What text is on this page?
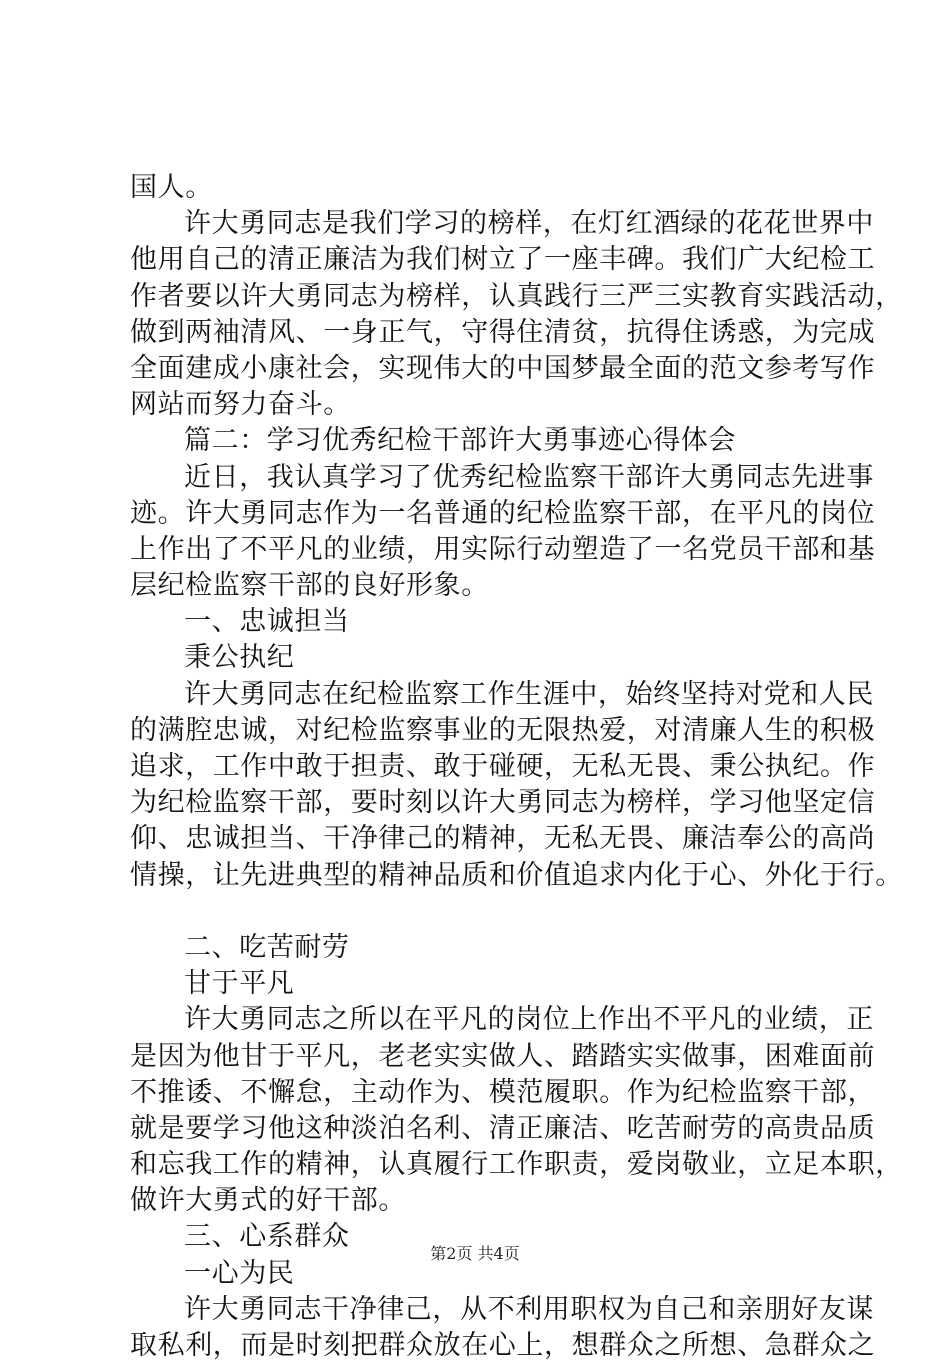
国人。
许大勇同志是我们学习的榜样，在灯红酒绿的花花世界中
他用自己的清正廉洁为我们树立了一座丰碑。我们广大纪检工
作者要以许大勇同志为榜样，认真践行三严三实教育实践活动，
做到两袖清风、一身正气，守得住清贫，抗得住诱惑，为完成
全面建成小康社会，实现伟大的中国梦最全面的范文参考写作
网站而努力奋斗。
篇二：学习优秀纪检干部许大勇事迹心得体会
近日，我认真学习了优秀纪检监察干部许大勇同志先进事
迹。许大勇同志作为一名普通的纪检监察干部，在平凡的岗位
上作出了不平凡的业绩，用实际行动塑造了一名党员干部和基
层纪检监察干部的良好形象。
一、忠诚担当
秉公执纪
许大勇同志在纪检监察工作生涯中，始终坚持对党和人民
的满腔忠诚，对纪检监察事业的无限热爱，对清廉人生的积极
追求，工作中敢于担责、敢于碰硬，无私无畏、秉公执纪。作
为纪检监察干部，要时刻以许大勇同志为榜样，学习他坚定信
仰、忠诚担当、干净律己的精神，无私无畏、廉洁奉公的高尚
情操，让先进典型的精神品质和价值追求内化于心、外化于行。
二、吃苦耐劳
甘于平凡
许大勇同志之所以在平凡的岗位上作出不平凡的业绩，正
是因为他甘于平凡，老老实实做人、踏踏实实做事，困难面前
不推诿、不懈怠，主动作为、模范履职。作为纪检监察干部，
就是要学习他这种淡泊名利、清正廉洁、吃苦耐劳的高贵品质
和忘我工作的精神，认真履行工作职责，爱岗敬业，立足本职，
做许大勇式的好干部。
三、心系群众
一心为民
许大勇同志干净律己，从不利用职权为自己和亲朋好友谋
取私利，而是时刻把群众放在心上，想群众之所想、急群众之
第2页 共4页
